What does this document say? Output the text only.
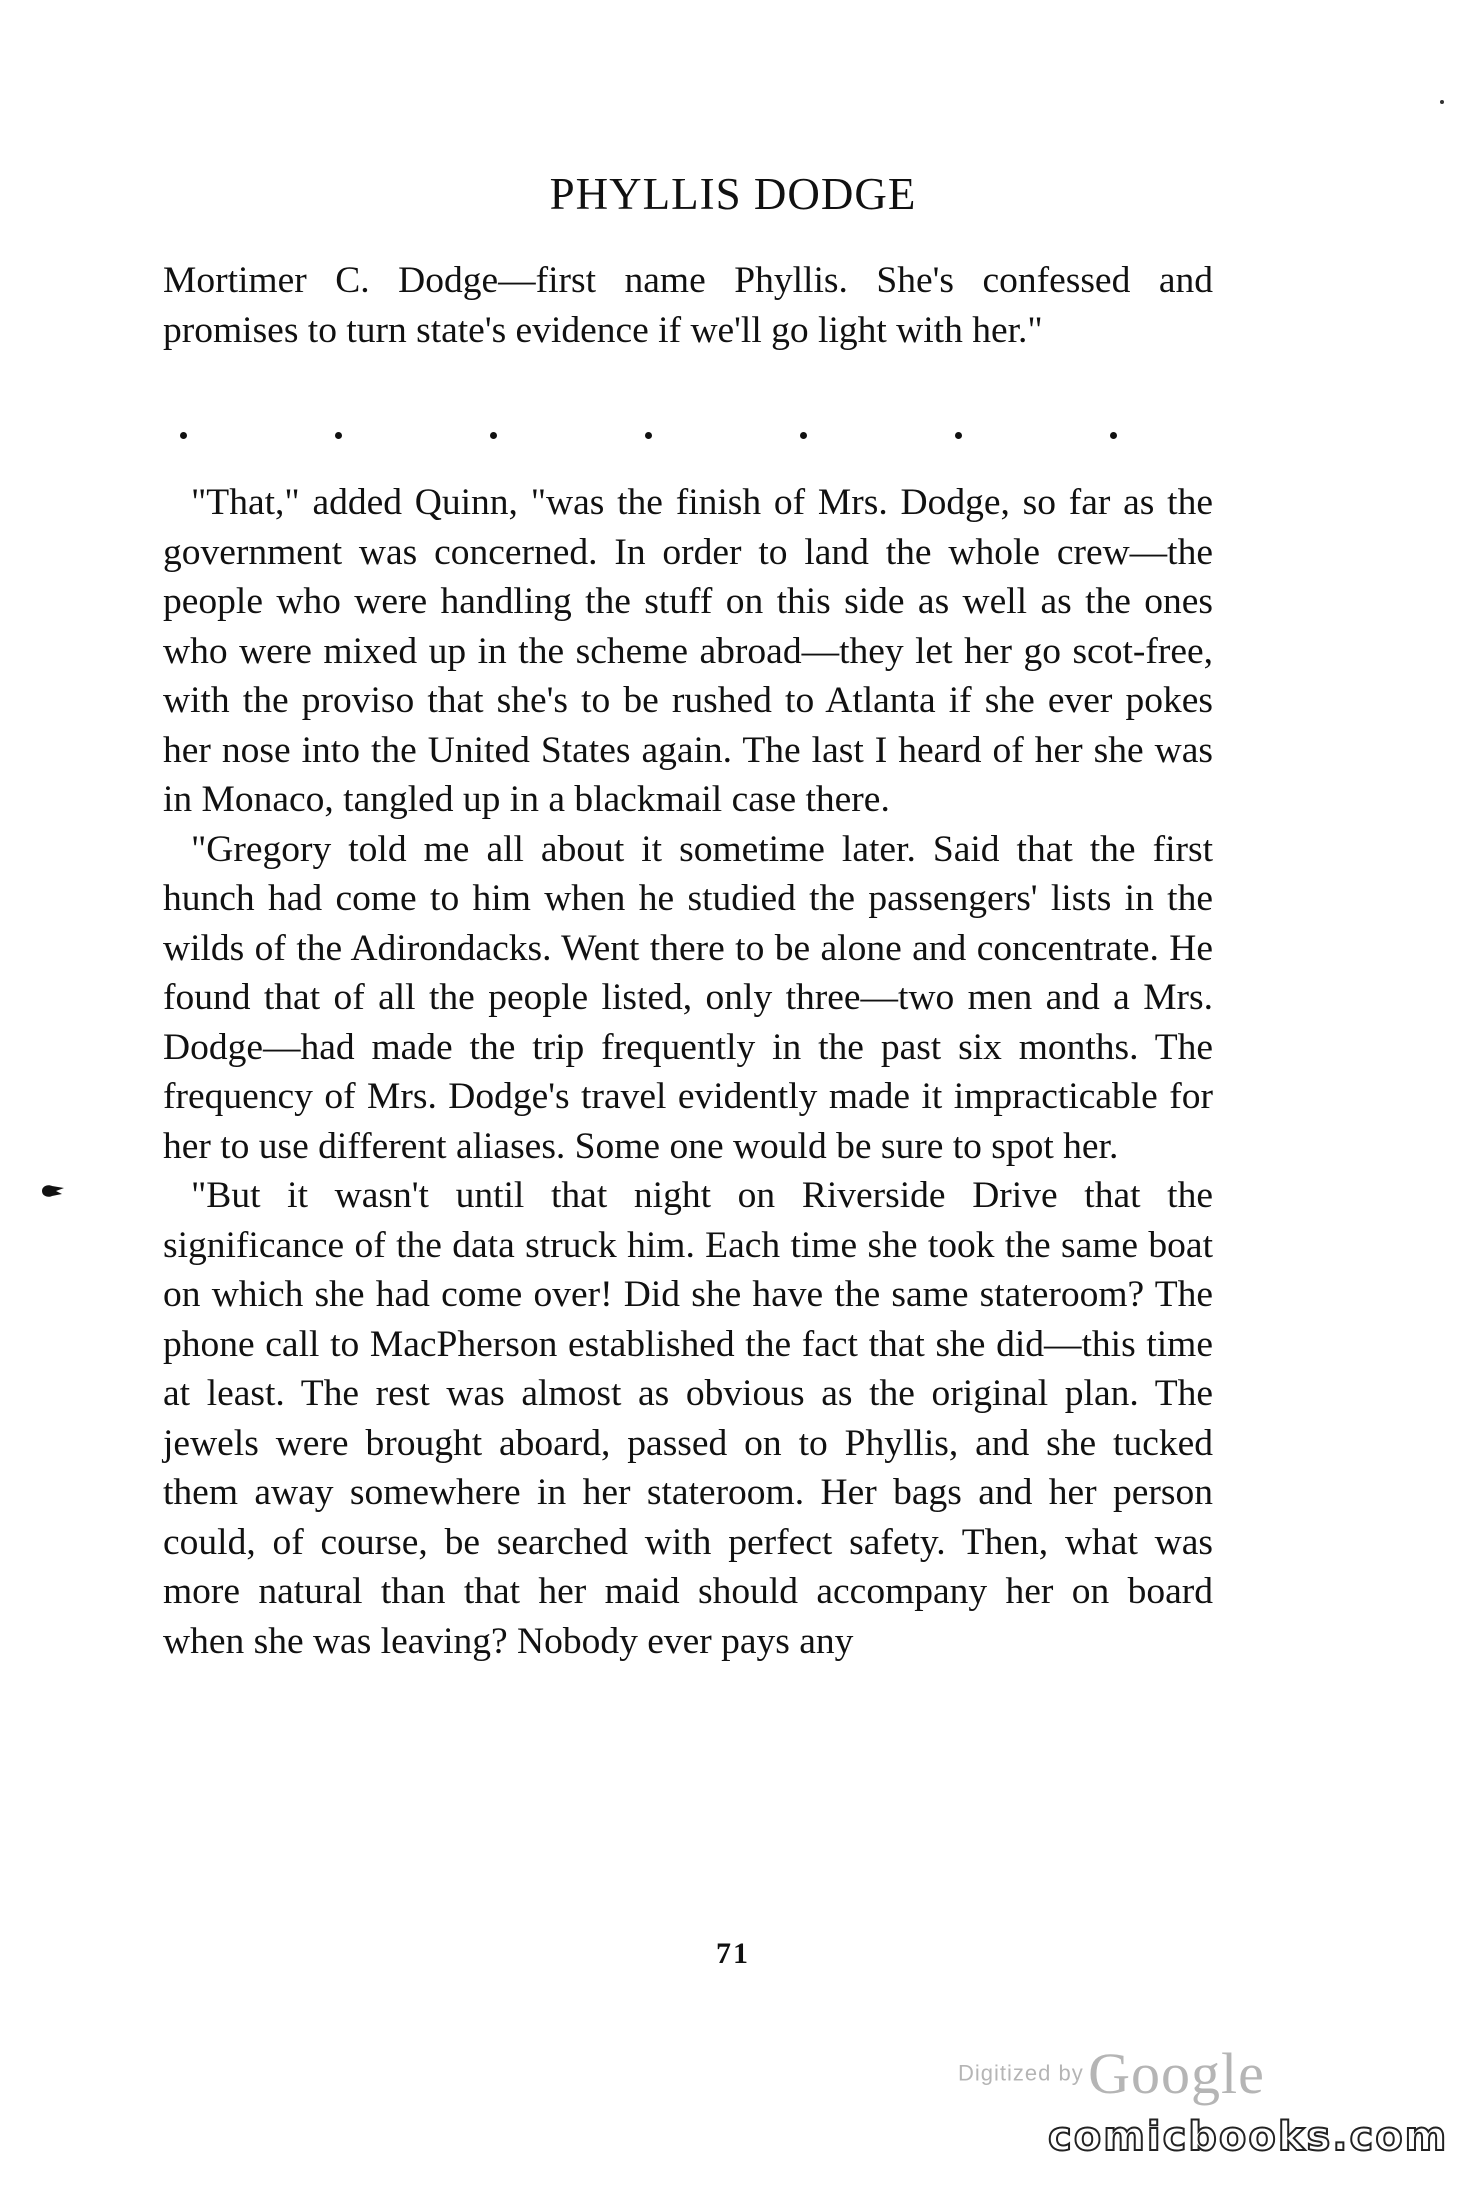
PHYLLIS DODGE

Mortimer C. Dodge—first name Phyllis. She's confessed and promises to turn state's evidence if we'll go light with her."

"That," added Quinn, "was the finish of Mrs. Dodge, so far as the government was concerned. In order to land the whole crew—the people who were handling the stuff on this side as well as the ones who were mixed up in the scheme abroad—they let her go scot-free, with the proviso that she's to be rushed to Atlanta if she ever pokes her nose into the United States again. The last I heard of her she was in Monaco, tangled up in a blackmail case there.

"Gregory told me all about it sometime later. Said that the first hunch had come to him when he studied the passengers' lists in the wilds of the Adirondacks. Went there to be alone and concentrate. He found that of all the people listed, only three—two men and a Mrs. Dodge—had made the trip frequently in the past six months. The frequency of Mrs. Dodge's travel evidently made it impracticable for her to use different aliases. Some one would be sure to spot her.

"But it wasn't until that night on Riverside Drive that the significance of the data struck him. Each time she took the same boat on which she had come over! Did she have the same stateroom? The phone call to MacPherson established the fact that she did—this time at least. The rest was almost as obvious as the original plan. The jewels were brought aboard, passed on to Phyllis, and she tucked them away somewhere in her stateroom. Her bags and her person could, of course, be searched with perfect safety. Then, what was more natural than that her maid should accompany her on board when she was leaving? Nobody ever pays any

71
Digitized by Google
comicbooks.com
